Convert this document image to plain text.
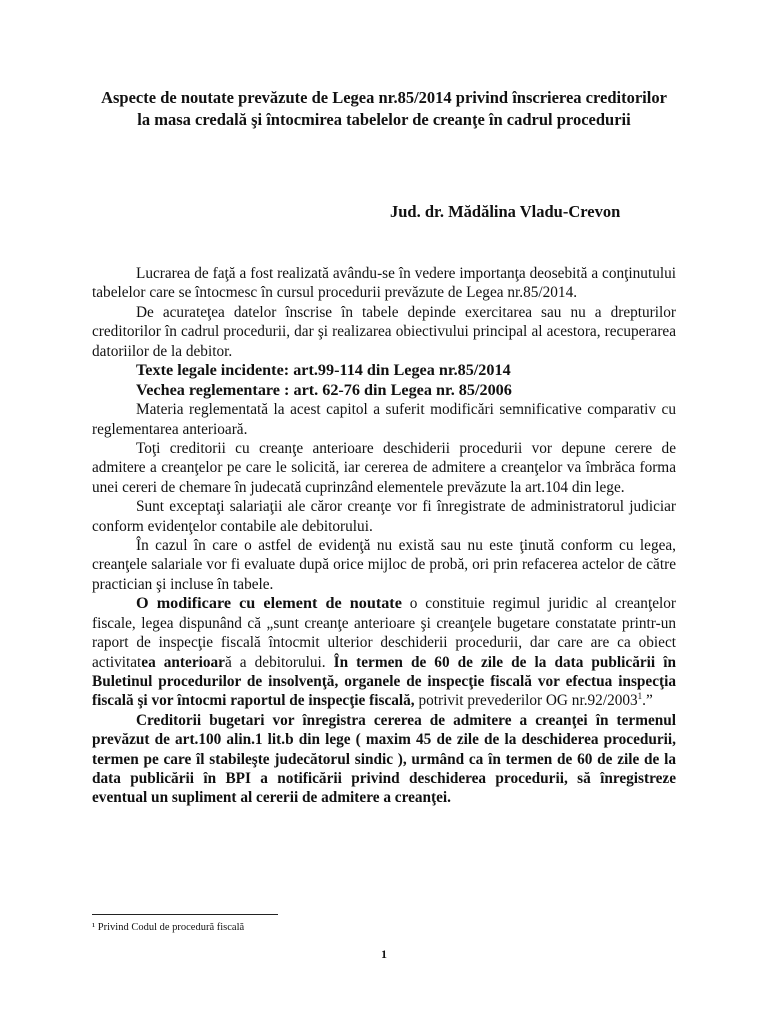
Aspecte de noutate prevăzute de Legea nr.85/2014 privind înscrierea creditorilor la masa credală şi întocmirea tabelelor de creanţe în cadrul procedurii
Jud. dr. Mădălina Vladu-Crevon

Lucrarea de faţă a fost realizată avându-se în vedere importanţa deosebită a conţinutului tabelelor care se întocmesc în cursul procedurii prevăzute de Legea nr.85/2014.

De acurateţea datelor înscrise în tabele depinde exercitarea sau nu a drepturilor creditorilor în cadrul procedurii, dar şi realizarea obiectivului principal al acestora, recuperarea datoriilor de la debitor.

Texte legale incidente: art.99-114 din Legea nr.85/2014

Vechea reglementare : art. 62-76 din Legea nr. 85/2006

Materia reglementată la acest capitol a suferit modificări semnificative comparativ cu reglementarea anterioară.

Toţi creditorii cu creanţe anterioare deschiderii procedurii vor depune cerere de admitere a creanţelor pe care le solicită, iar cererea de admitere a creanţelor va îmbrăca forma unei cereri de chemare în judecată cuprinzând elementele prevăzute la art.104 din lege.

Sunt exceptaţi salariaţii ale căror creanţe vor fi înregistrate de administratorul judiciar conform evidenţelor contabile ale debitorului.

În cazul în care o astfel de evidenţă nu există sau nu este ţinută conform cu legea, creanţele salariale vor fi evaluate după orice mijloc de probă, ori prin refacerea actelor de către practician şi incluse în tabele.

O modificare cu element de noutate o constituie regimul juridic al creanţelor fiscale, legea dispunând că „sunt creanţe anterioare şi creanţele bugetare constatate printr-un raport de inspecţie fiscală întocmit ulterior deschiderii procedurii, dar care are ca obiect activitatea anterioară a debitorului. În termen de 60 de zile de la data publicării în Buletinul procedurilor de insolvenţă, organele de inspecţie fiscală vor efectua inspecţia fiscală şi vor întocmi raportul de inspecţie fiscală, potrivit prevederilor OG nr.92/2003$^1$.”

Creditorii bugetari vor înregistra cererea de admitere a creanţei în termenul prevăzut de art.100 alin.1 lit.b din lege ( maxim 45 de zile de la deschiderea procedurii, termen pe care îl stabileşte judecătorul sindic ), urmând ca în termen de 60 de zile de la data publicării în BPI a notificării privind deschiderea procedurii, să înregistreze eventual un supliment al cererii de admitere a creanţei.

¹ Privind Codul de procedură fiscală
1
